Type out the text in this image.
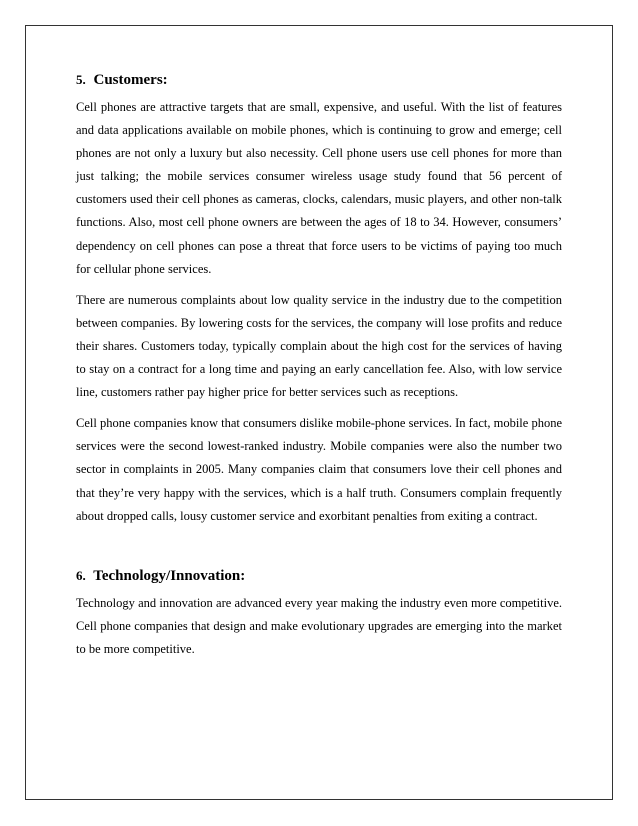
5. Customers:

Cell phones are attractive targets that are small, expensive, and useful. With the list of features and data applications available on mobile phones, which is continuing to grow and emerge; cell phones are not only a luxury but also necessity. Cell phone users use cell phones for more than just talking; the mobile services consumer wireless usage study found that 56 percent of customers used their cell phones as cameras, clocks, calendars, music players, and other non-talk functions. Also, most cell phone owners are between the ages of 18 to 34. However, consumers’ dependency on cell phones can pose a threat that force users to be victims of paying too much for cellular phone services.

There are numerous complaints about low quality service in the industry due to the competition between companies. By lowering costs for the services, the company will lose profits and reduce their shares. Customers today, typically complain about the high cost for the services of having to stay on a contract for a long time and paying an early cancellation fee. Also, with low service line, customers rather pay higher price for better services such as receptions.

Cell phone companies know that consumers dislike mobile-phone services. In fact, mobile phone services were the second lowest-ranked industry. Mobile companies were also the number two sector in complaints in 2005. Many companies claim that consumers love their cell phones and that they’re very happy with the services, which is a half truth. Consumers complain frequently about dropped calls, lousy customer service and exorbitant penalties from exiting a contract.

6. Technology/Innovation:

Technology and innovation are advanced every year making the industry even more competitive. Cell phone companies that design and make evolutionary upgrades are emerging into the market to be more competitive.
